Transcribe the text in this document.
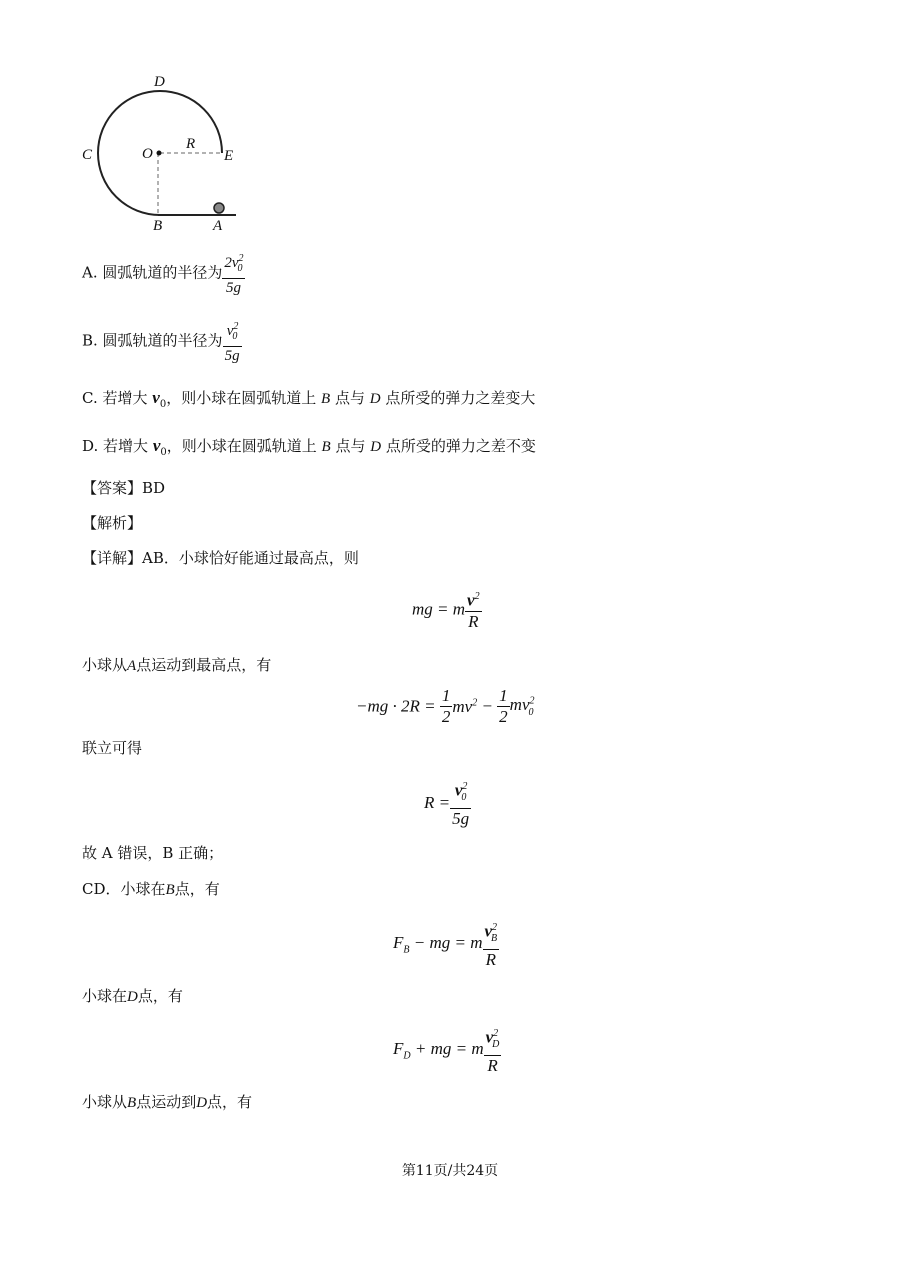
D
C	O
R
E
B	A
A. 圆弧轨道的半径为 $\frac{2v^2_0}{5g}$
B. 圆弧轨道的半径为 $\frac{v^2_0}{5g}$
C. 若增大 $v_0$，则小球在圆弧轨道上 B 点与 D 点所受的弹力之差变大
D. 若增大 $v_0$，则小球在圆弧轨道上 B 点与 D 点所受的弹力之差不变
【答案】BD
【解析】
【详解】AB．小球恰好能通过最高点，则
mg = m $\frac{v^2}{R}$
小球从A点运动到最高点，有
$-mg \cdot 2R = \frac{1}{2} mv^2 - \frac{1}{2} mv^2_0$
联立可得
$R = \frac{v^2_0}{5g}$
故 A 错误，B 正确；
CD．小球在B点，有
$F_B$ − mg = m $\frac{v^2_B}{R}$
小球在D点，有
$F_D$ + mg = m $\frac{v^2_D}{R}$
小球从B点运动到D点，有
第11页/共24页
